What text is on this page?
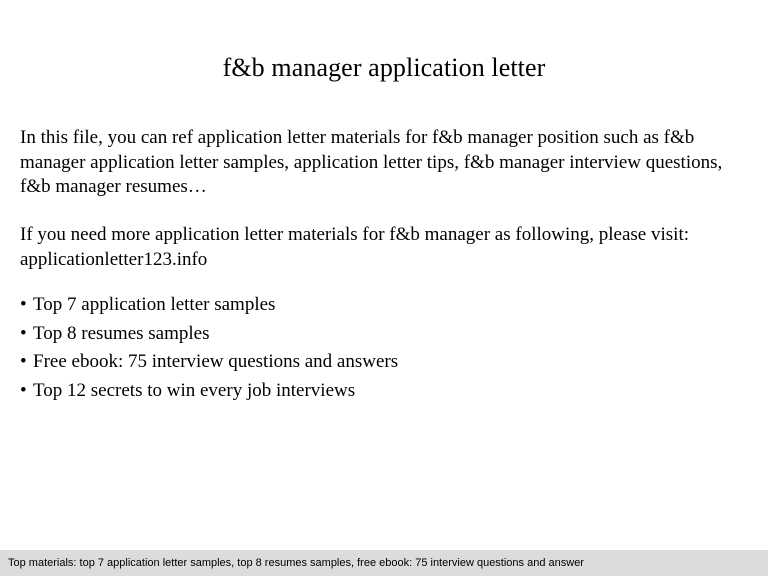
f&b manager application letter

In this file, you can ref application letter materials for f&b manager position such as f&b manager application letter samples, application letter tips, f&b manager interview questions, f&b manager resumes…

If you need more application letter materials for f&b manager as following, please visit: applicationletter123.info

• Top 7 application letter samples
• Top 8 resumes samples
• Free ebook: 75 interview questions and answers
• Top 12 secrets to win every job interviews
Top materials: top 7 application letter samples, top 8 resumes samples, free ebook: 75 interview questions and answer
